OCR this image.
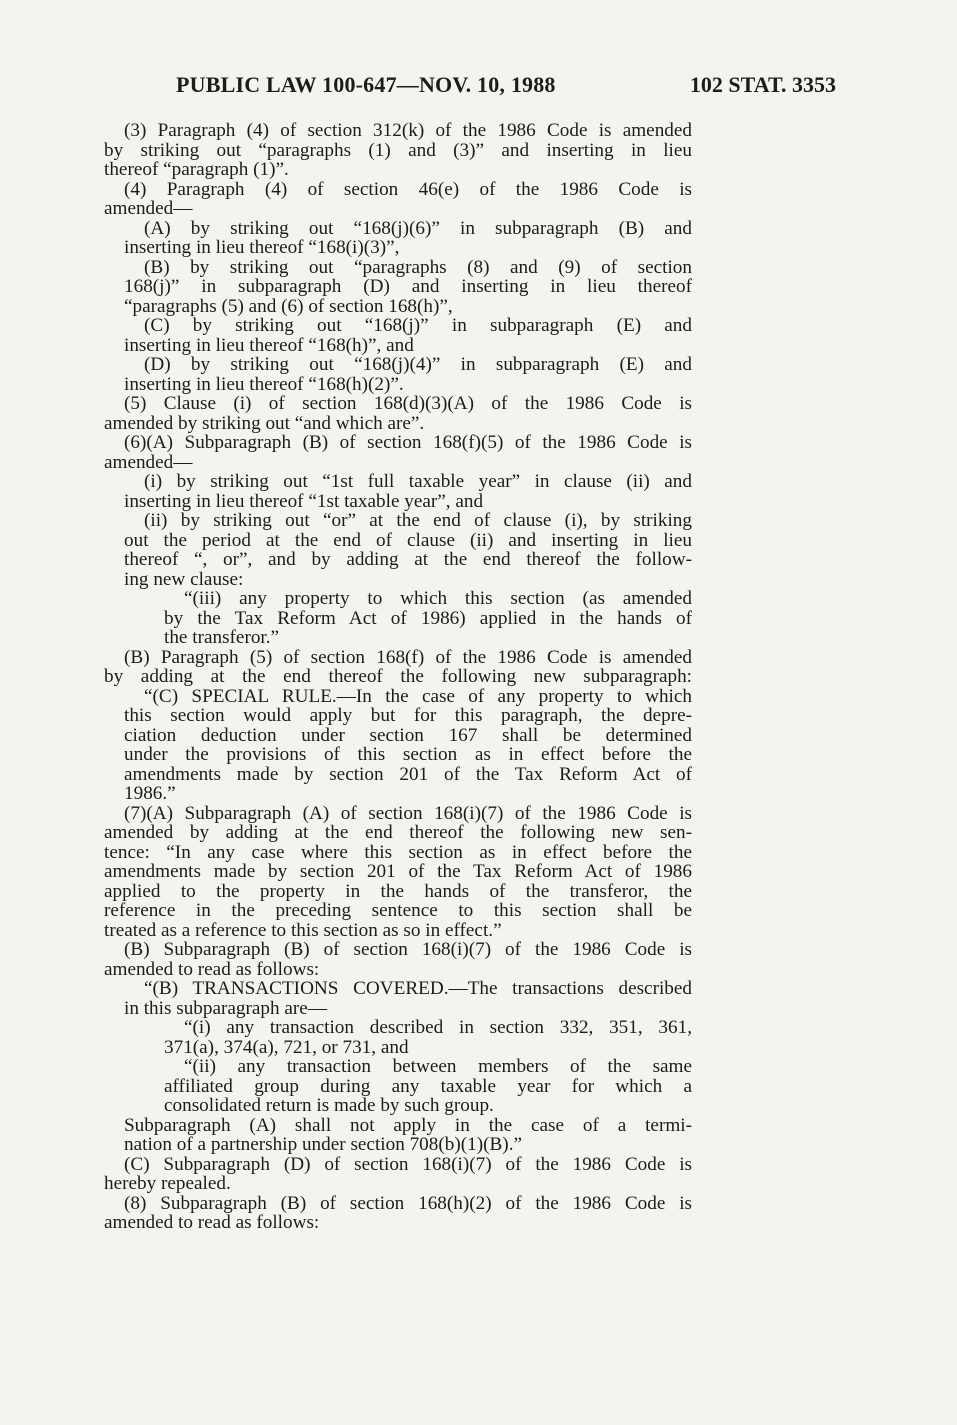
PUBLIC LAW 100-647—NOV. 10, 1988	102 STAT. 3353
(3) Paragraph (4) of section 312(k) of the 1986 Code is amended
by striking out “paragraphs (1) and (3)” and inserting in lieu
thereof “paragraph (1)”.
(4) Paragraph (4) of section 46(e) of the 1986 Code is
amended—
(A) by striking out “168(j)(6)” in subparagraph (B) and
inserting in lieu thereof “168(i)(3)”,
(B) by striking out “paragraphs (8) and (9) of section
168(j)” in subparagraph (D) and inserting in lieu thereof
“paragraphs (5) and (6) of section 168(h)”,
(C) by striking out “168(j)” in subparagraph (E) and
inserting in lieu thereof “168(h)”, and
(D) by striking out “168(j)(4)” in subparagraph (E) and
inserting in lieu thereof “168(h)(2)”.
(5) Clause (i) of section 168(d)(3)(A) of the 1986 Code is
amended by striking out “and which are”.
(6)(A) Subparagraph (B) of section 168(f)(5) of the 1986 Code is
amended—
(i) by striking out “1st full taxable year” in clause (ii) and
inserting in lieu thereof “1st taxable year”, and
(ii) by striking out “or” at the end of clause (i), by striking
out the period at the end of clause (ii) and inserting in lieu
thereof “, or”, and by adding at the end thereof the follow-
ing new clause:
“(iii) any property to which this section (as amended
by the Tax Reform Act of 1986) applied in the hands of
the transferor.”
(B) Paragraph (5) of section 168(f) of the 1986 Code is amended
by adding at the end thereof the following new subparagraph:
“(C) SPECIAL RULE.—In the case of any property to which
this section would apply but for this paragraph, the depre-
ciation deduction under section 167 shall be determined
under the provisions of this section as in effect before the
amendments made by section 201 of the Tax Reform Act of
1986.”
(7)(A) Subparagraph (A) of section 168(i)(7) of the 1986 Code is
amended by adding at the end thereof the following new sen-
tence: “In any case where this section as in effect before the
amendments made by section 201 of the Tax Reform Act of 1986
applied to the property in the hands of the transferor, the
reference in the preceding sentence to this section shall be
treated as a reference to this section as so in effect.”
(B) Subparagraph (B) of section 168(i)(7) of the 1986 Code is
amended to read as follows:
“(B) TRANSACTIONS COVERED.—The transactions described
in this subparagraph are—
“(i) any transaction described in section 332, 351, 361,
371(a), 374(a), 721, or 731, and
“(ii) any transaction between members of the same
affiliated group during any taxable year for which a
consolidated return is made by such group.
Subparagraph (A) shall not apply in the case of a termi-
nation of a partnership under section 708(b)(1)(B).”
(C) Subparagraph (D) of section 168(i)(7) of the 1986 Code is
hereby repealed.
(8) Subparagraph (B) of section 168(h)(2) of the 1986 Code is
amended to read as follows:
